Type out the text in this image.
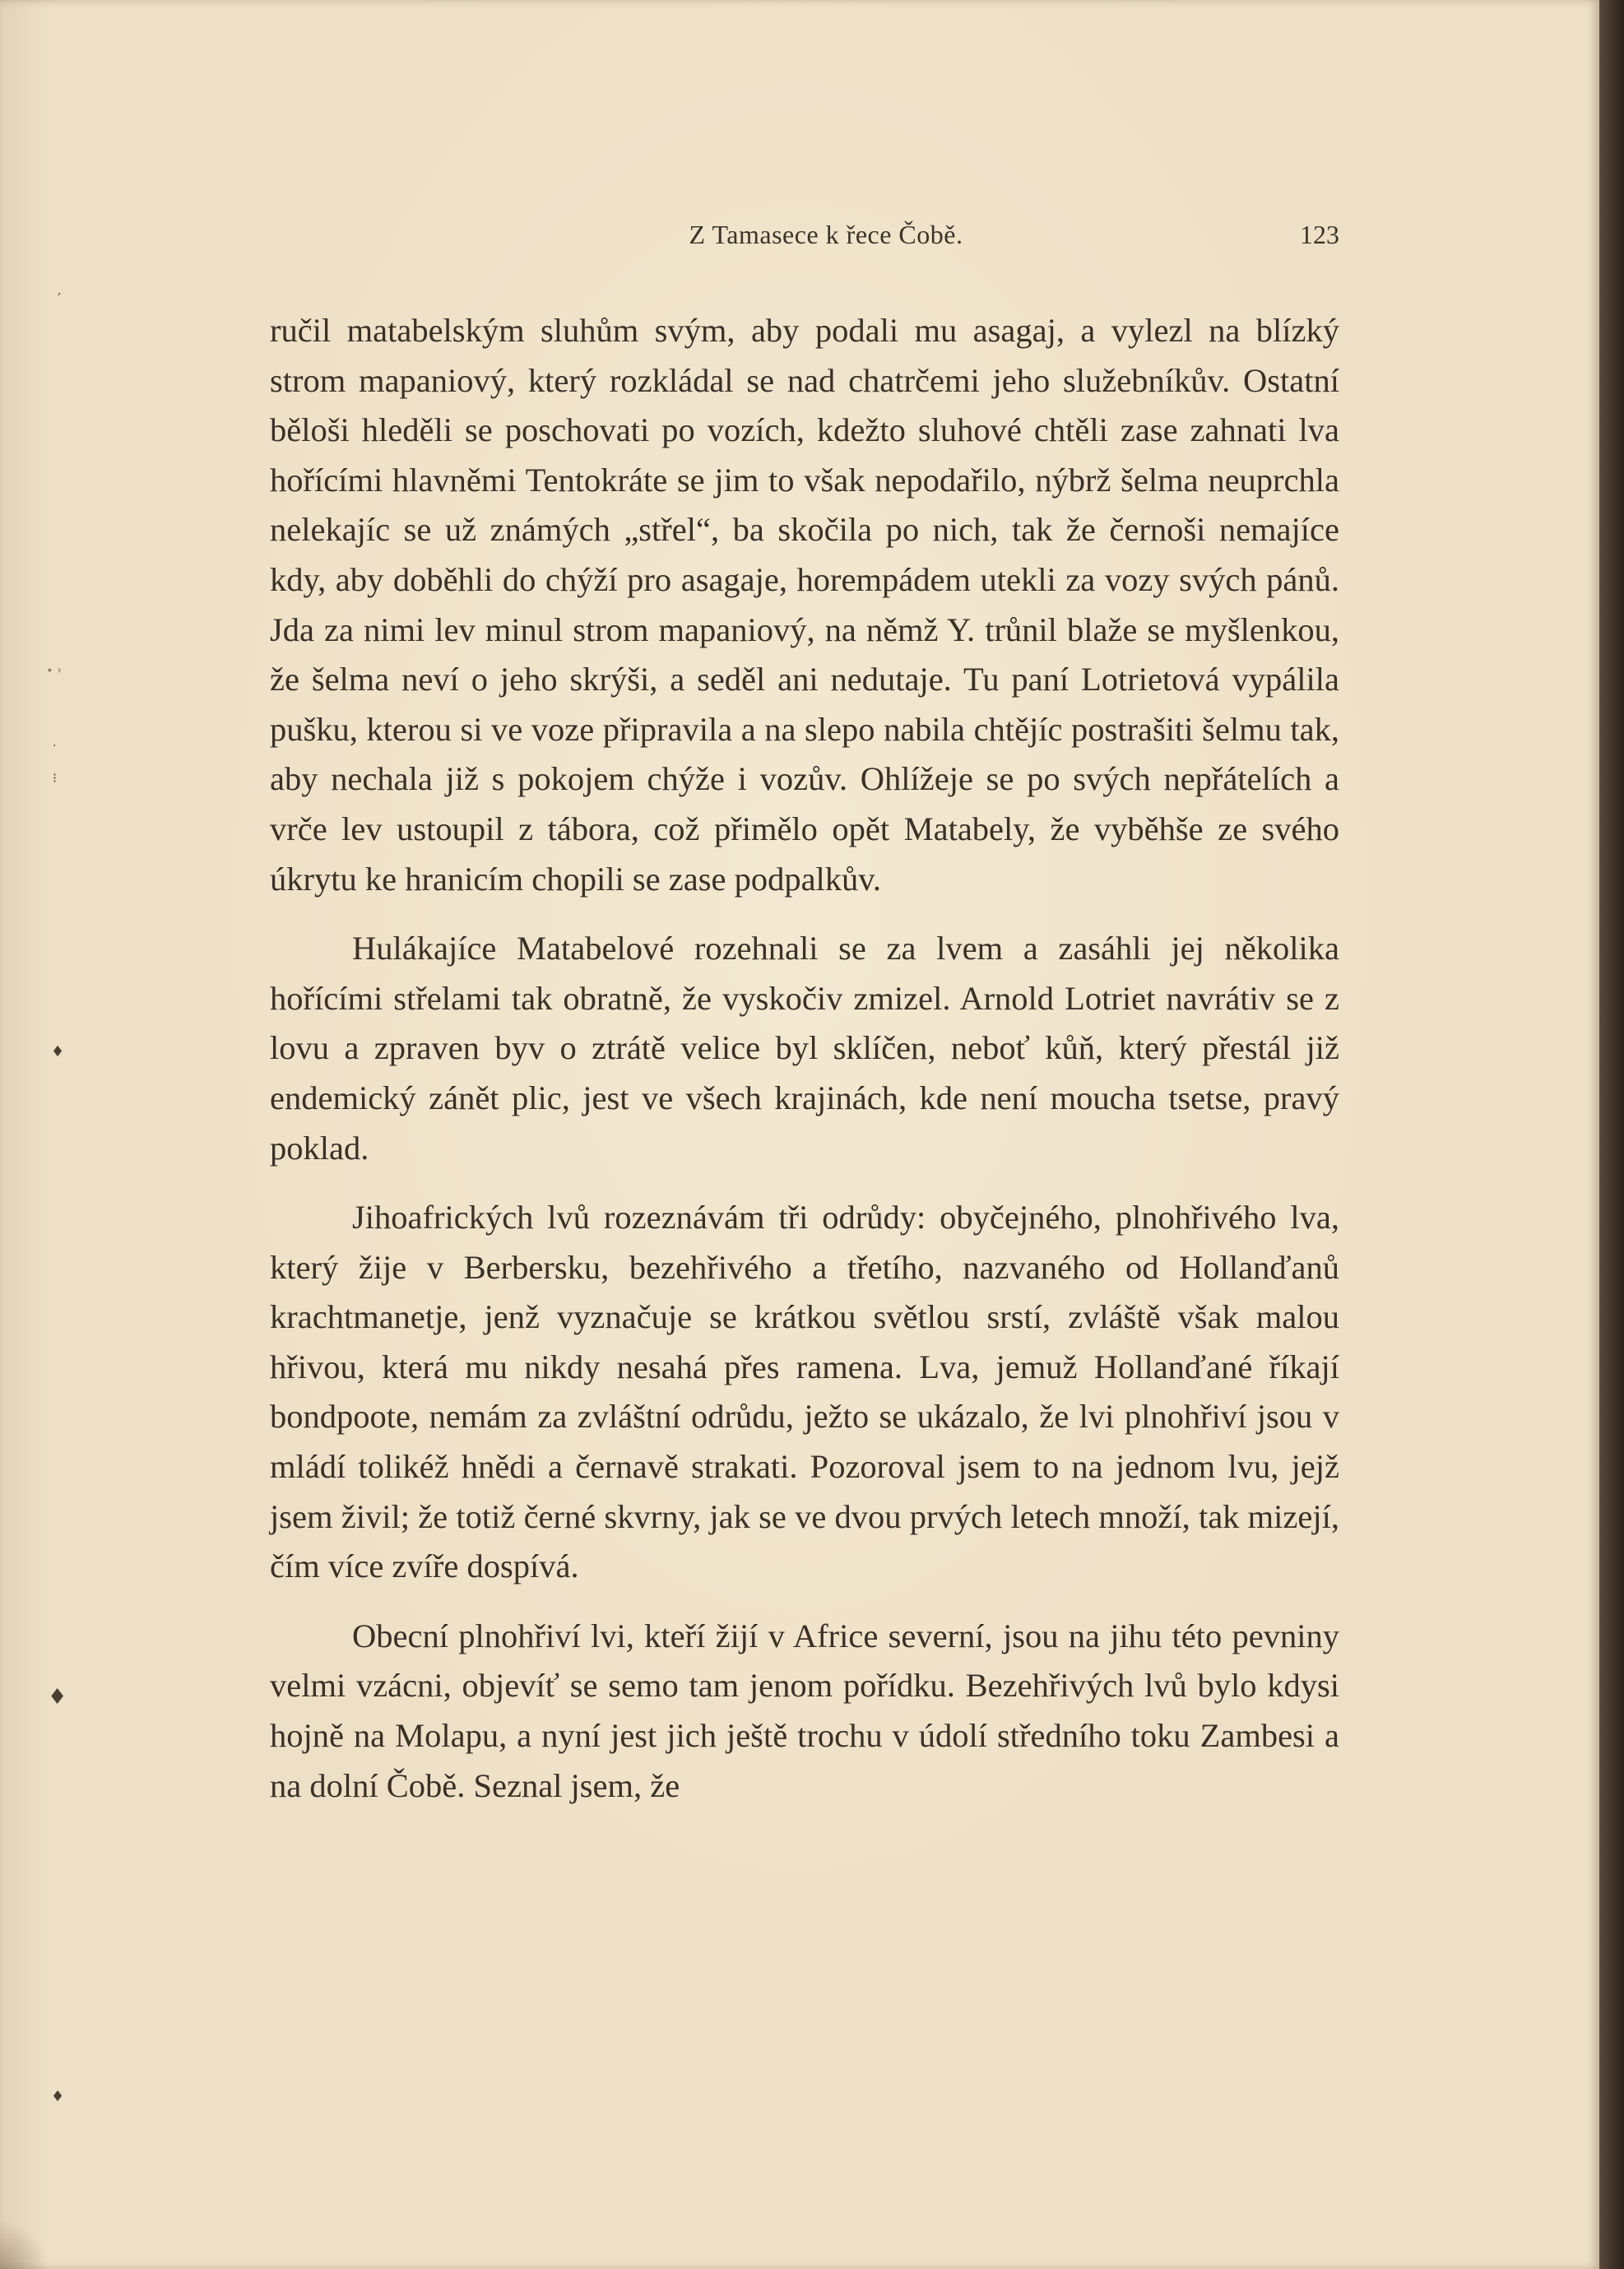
Z Tamasece k řece Čobě.	123

ručil matabelským sluhům svým, aby podali mu asagaj, a vylezl na blízký strom mapaniový, který rozkládal se nad chatrčemi jeho služebníkův. Ostatní běloši hleděli se poschovati po vozích, kdežto sluhové chtěli zase zahnati lva hořícími hlavněmi Tentokráte se jim to však nepodařilo, nýbrž šelma neuprchla nelekajíc se už známých „střel“, ba skočila po nich, tak že černoši nemajíce kdy, aby doběhli do chýží pro asagaje, horempádem utekli za vozy svých pánů. Jda za nimi lev minul strom mapaniový, na němž Y. trůnil blaže se myšlenkou, že šelma neví o jeho skrýši, a seděl ani nedutaje. Tu paní Lotrietová vypálila pušku, kterou si ve voze připravila a na slepo nabila chtějíc postrašiti šelmu tak, aby nechala již s pokojem chýže i vozův. Ohlížeje se po svých nepřátelích a vrče lev ustoupil z tábora, což přimělo opět Matabely, že vyběhše ze svého úkrytu ke hranicím chopili se zase podpalkův.

Hulákajíce Matabelové rozehnali se za lvem a zasáhli jej několika hořícími střelami tak obratně, že vyskočiv zmizel. Arnold Lotriet navrátiv se z lovu a zpraven byv o ztrátě velice byl sklíčen, neboť kůň, který přestál již endemický zánět plic, jest ve všech krajinách, kde není moucha tsetse, pravý poklad.

Jihoafrických lvů rozeznávám tři odrůdy: obyčejného, plnohřivého lva, který žije v Berbersku, bezehřivého a třetího, nazvaného od Hollanďanů krachtmanetje, jenž vyznačuje se krátkou světlou srstí, zvláště však malou hřivou, která mu nikdy nesahá přes ramena. Lva, jemuž Hollanďané říkají bondpoote, nemám za zvláštní odrůdu, ježto se ukázalo, že lvi plnohřiví jsou v mládí tolikéž hnědi a černavě strakati. Pozoroval jsem to na jednom lvu, jejž jsem živil; že totiž černé skvrny, jak se ve dvou prvých letech množí, tak mizejí, čím více zvíře dospívá.

Obecní plnohřiví lvi, kteří žijí v Africe severní, jsou na jihu této pevniny velmi vzácni, objevíť se semo tam jenom pořídku. Bezehřivých lvů bylo kdysi hojně na Molapu, a nyní jest jich ještě trochu v údolí středního toku Zambesi a na dolní Čobě. Seznal jsem, že

′
∙ ›
·
⁝
♦
♦
♦
